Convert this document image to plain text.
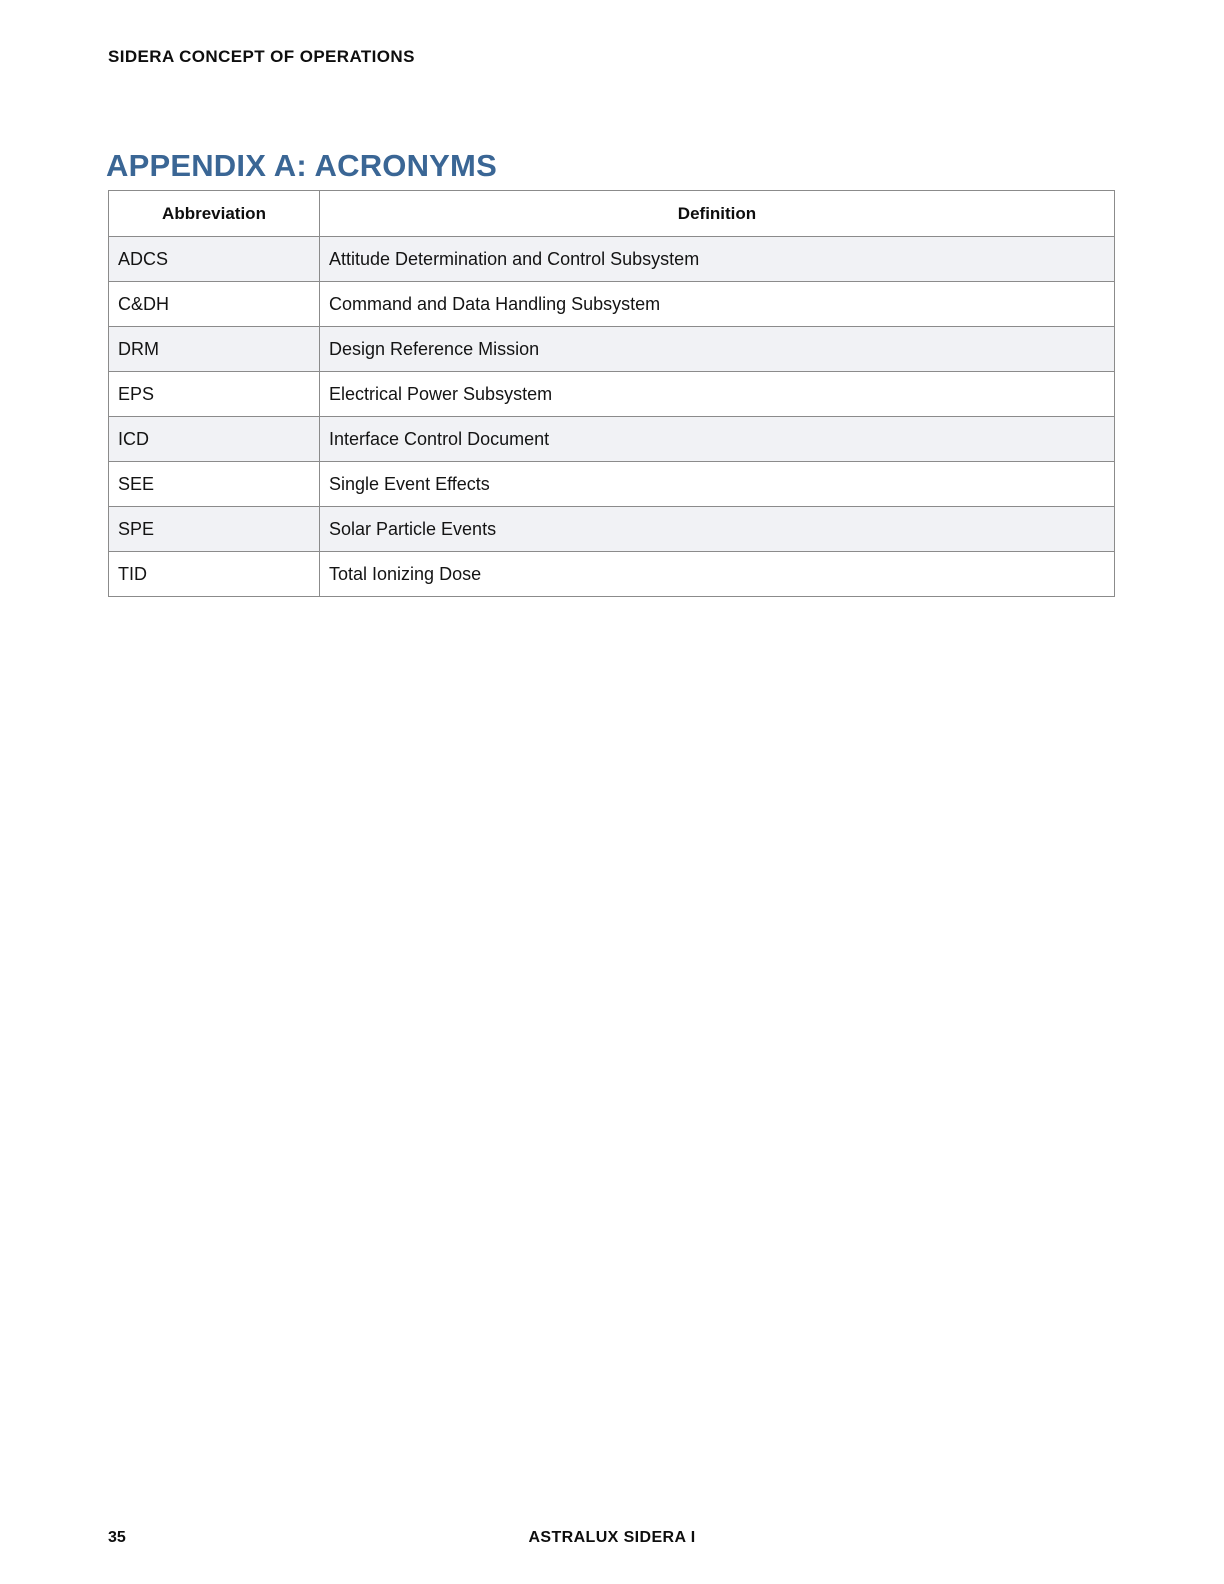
SIDERA CONCEPT OF OPERATIONS
APPENDIX A: ACRONYMS
Abbreviation	Definition
ADCS	Attitude Determination and Control Subsystem
C&DH	Command and Data Handling Subsystem
DRM	Design Reference Mission
EPS	Electrical Power Subsystem
ICD	Interface Control Document
SEE	Single Event Effects
SPE	Solar Particle Events
TID	Total Ionizing Dose
35	ASTRALUX SIDERA I
